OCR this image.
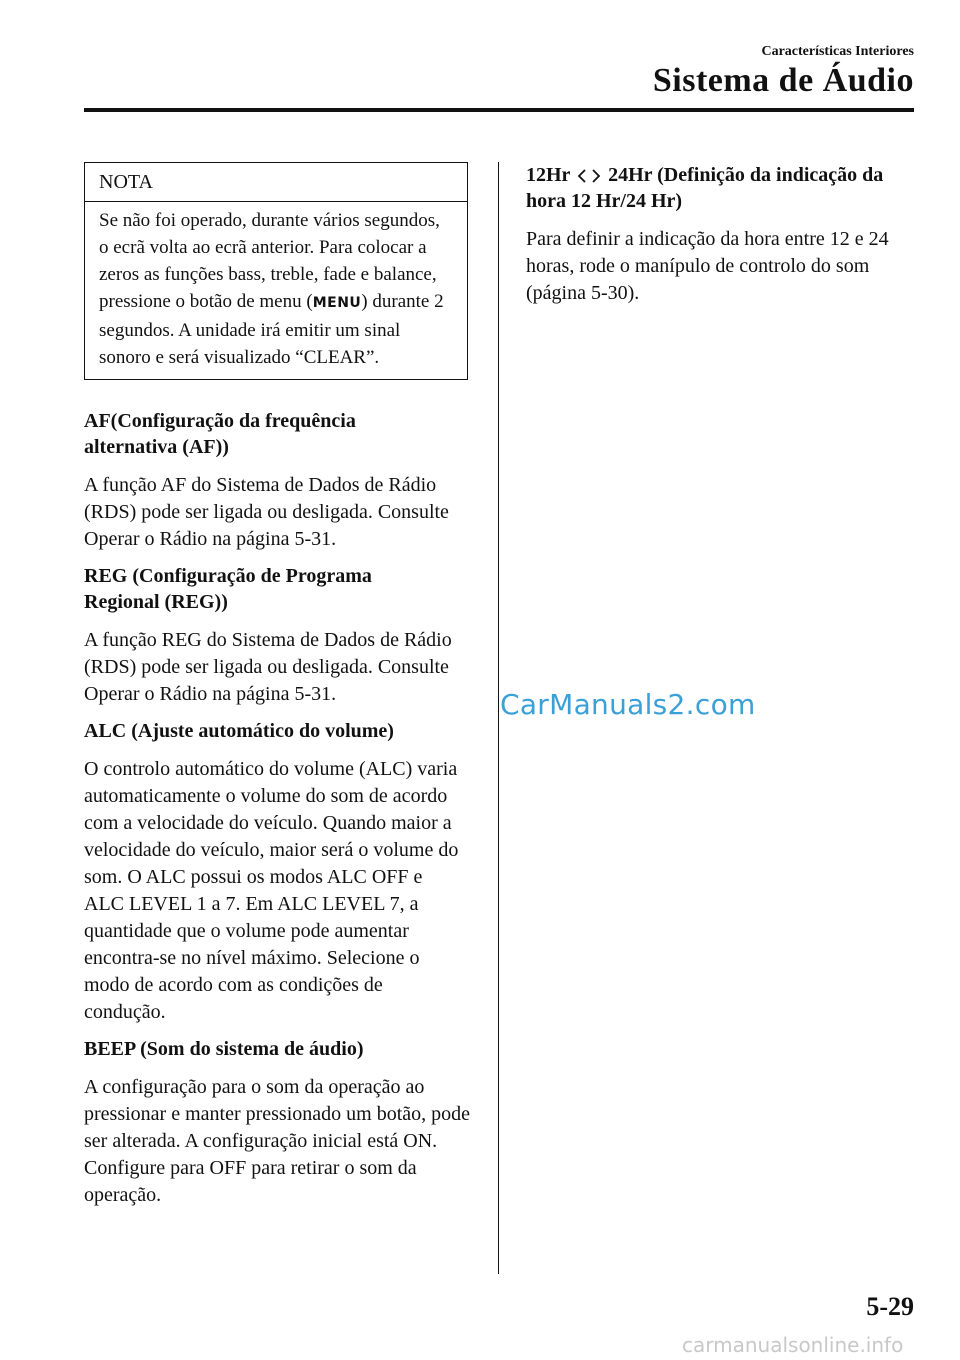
Características Interiores
Sistema de Áudio
NOTA
Se não foi operado, durante vários segundos, o ecrã volta ao ecrã anterior. Para colocar a zeros as funções bass, treble, fade e balance, pressione o botão de menu (MENU) durante 2 segundos. A unidade irá emitir um sinal sonoro e será visualizado “CLEAR”.

AF(Configuração da frequência alternativa (AF))

A função AF do Sistema de Dados de Rádio (RDS) pode ser ligada ou desligada. Consulte Operar o Rádio na página 5-31.

REG (Configuração de Programa Regional (REG))

A função REG do Sistema de Dados de Rádio (RDS) pode ser ligada ou desligada. Consulte Operar o Rádio na página 5-31.

ALC (Ajuste automático do volume)

O controlo automático do volume (ALC) varia automaticamente o volume do som de acordo com a velocidade do veículo. Quando maior a velocidade do veículo, maior será o volume do som. O ALC possui os modos ALC OFF e ALC LEVEL 1 a 7. Em ALC LEVEL 7, a quantidade que o volume pode aumentar encontra-se no nível máximo. Selecione o modo de acordo com as condições de condução.

BEEP (Som do sistema de áudio)

A configuração para o som da operação ao pressionar e manter pressionado um botão, pode ser alterada. A configuração inicial está ON. Configure para OFF para retirar o som da operação.

12Hr 24Hr (Definição da indicação da hora 12 Hr/24 Hr)

Para definir a indicação da hora entre 12 e 24 horas, rode o manípulo de controlo do som (página 5-30).

CarManuals2.com
5-29
carmanualsonline.info
